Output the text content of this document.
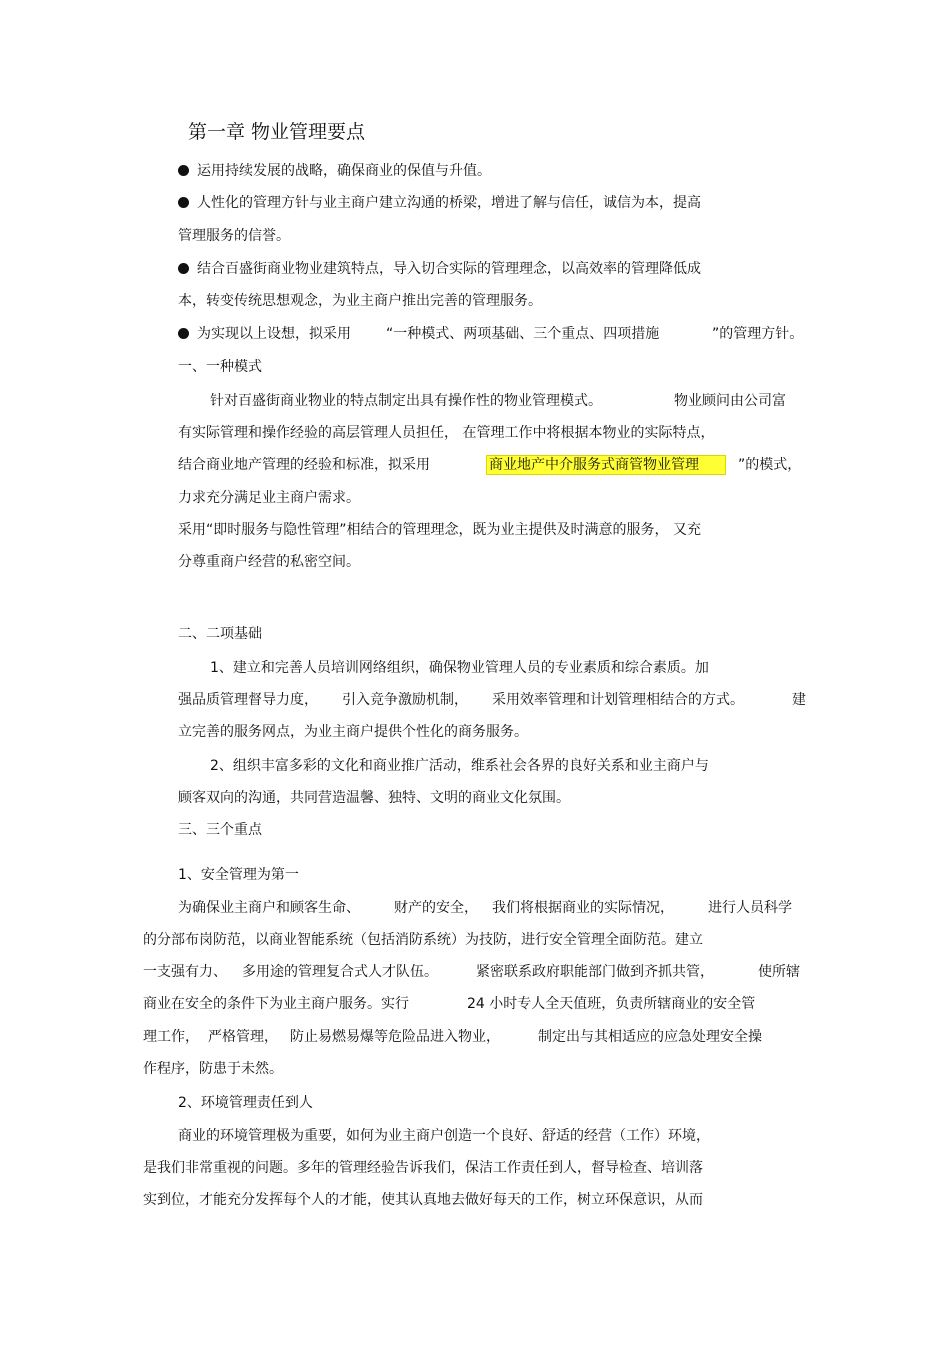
第一章 物业管理要点
运用持续发展的战略，确保商业的保值与升值。
人性化的管理方针与业主商户建立沟通的桥梁，增进了解与信任，诚信为本，提高
管理服务的信誉。
结合百盛街商业物业建筑特点，导入切合实际的管理理念，以高效率的管理降低成
本，转变传统思想观念，为业主商户推出完善的管理服务。
为实现以上设想，拟采用	“一种模式、两项基础、三个重点、四项措施	”的管理方针。
一、一种模式
针对百盛街商业物业的特点制定出具有操作性的物业管理模式。	物业顾问由公司富
有实际管理和操作经验的高层管理人员担任， 在管理工作中将根据本物业的实际特点，
结合商业地产管理的经验和标准，拟采用	商业地产中介服务式商管物业管理	”的模式，
力求充分满足业主商户需求。
采用“即时服务与隐性管理”相结合的管理理念，既为业主提供及时满意的服务， 又充
分尊重商户经营的私密空间。
二、二项基础
1、建立和完善人员培训网络组织，确保物业管理人员的专业素质和综合素质。加
强品质管理督导力度， 引入竞争激励机制， 采用效率管理和计划管理相结合的方式。	建
立完善的服务网点，为业主商户提供个性化的商务服务。
2、组织丰富多彩的文化和商业推广活动，维系社会各界的良好关系和业主商户与
顾客双向的沟通，共同营造温馨、独特、文明的商业文化氛围。
三、三个重点
1、安全管理为第一
为确保业主商户和顾客生命、 财产的安全， 我们将根据商业的实际情况， 进行人员科学
的分部布岗防范，以商业智能系统（包括消防系统）为技防，进行安全管理全面防范。建立
一支强有力、 多用途的管理复合式人才队伍。	紧密联系政府职能部门做到齐抓共管，	使所辖
商业在安全的条件下为业主商户服务。实行	24 小时专人全天值班，负责所辖商业的安全管
理工作， 严格管理， 防止易燃易爆等危险品进入物业，	制定出与其相适应的应急处理安全操
作程序，防患于未然。
2、环境管理责任到人
商业的环境管理极为重要，如何为业主商户创造一个良好、舒适的经营（工作）环境，
是我们非常重视的问题。多年的管理经验告诉我们，保洁工作责任到人，督导检查、培训落
实到位，才能充分发挥每个人的才能，使其认真地去做好每天的工作，树立环保意识，从而
